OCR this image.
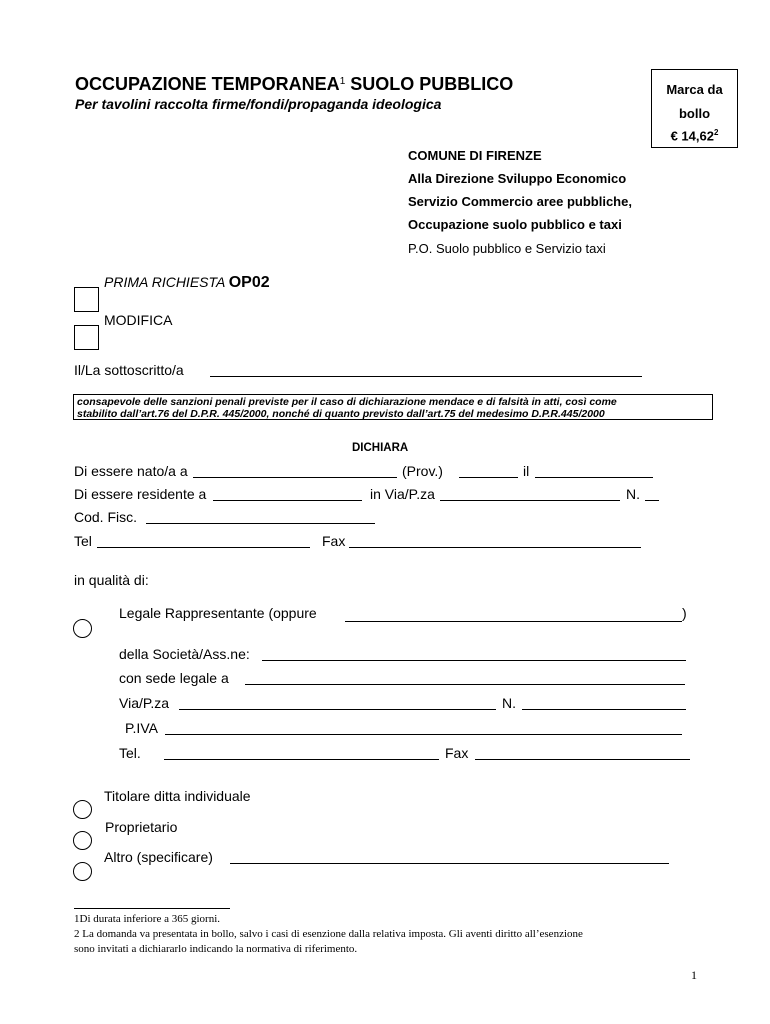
OCCUPAZIONE TEMPORANEA$^1$ SUOLO PUBBLICO
Per tavolini raccolta firme/fondi/propaganda ideologica
Marca da
bollo
€ 14,62$^2$
COMUNE DI FIRENZE
Alla Direzione Sviluppo Economico
Servizio Commercio aree pubbliche,
Occupazione suolo pubblico e taxi
P.O. Suolo pubblico e Servizio taxi
PRIMA RICHIESTA OP02
MODIFICA
Il/La sottoscritto/a
consapevole delle sanzioni penali previste per il caso di dichiarazione mendace e di falsità in atti, così come
stabilito dall’art.76 del D.P.R. 445/2000, nonché di quanto previsto dall’art.75 del medesimo D.P.R.445/2000
DICHIARA
Di essere nato/a a	(Prov.)	il
Di essere residente a	in Via/P.za	N.
Cod. Fisc.
Tel	Fax
in qualità di:
Legale Rappresentante (oppure	)
della Società/Ass.ne:
con sede legale a
Via/P.za	N.
P.IVA
Tel.	Fax
Titolare ditta individuale
Proprietario
Altro (specificare)
1Di durata inferiore a 365 giorni.
2 La domanda va presentata in bollo, salvo i casi di esenzione dalla relativa imposta. Gli aventi diritto all’esenzione
sono invitati a dichiararlo indicando la normativa di riferimento.
1
